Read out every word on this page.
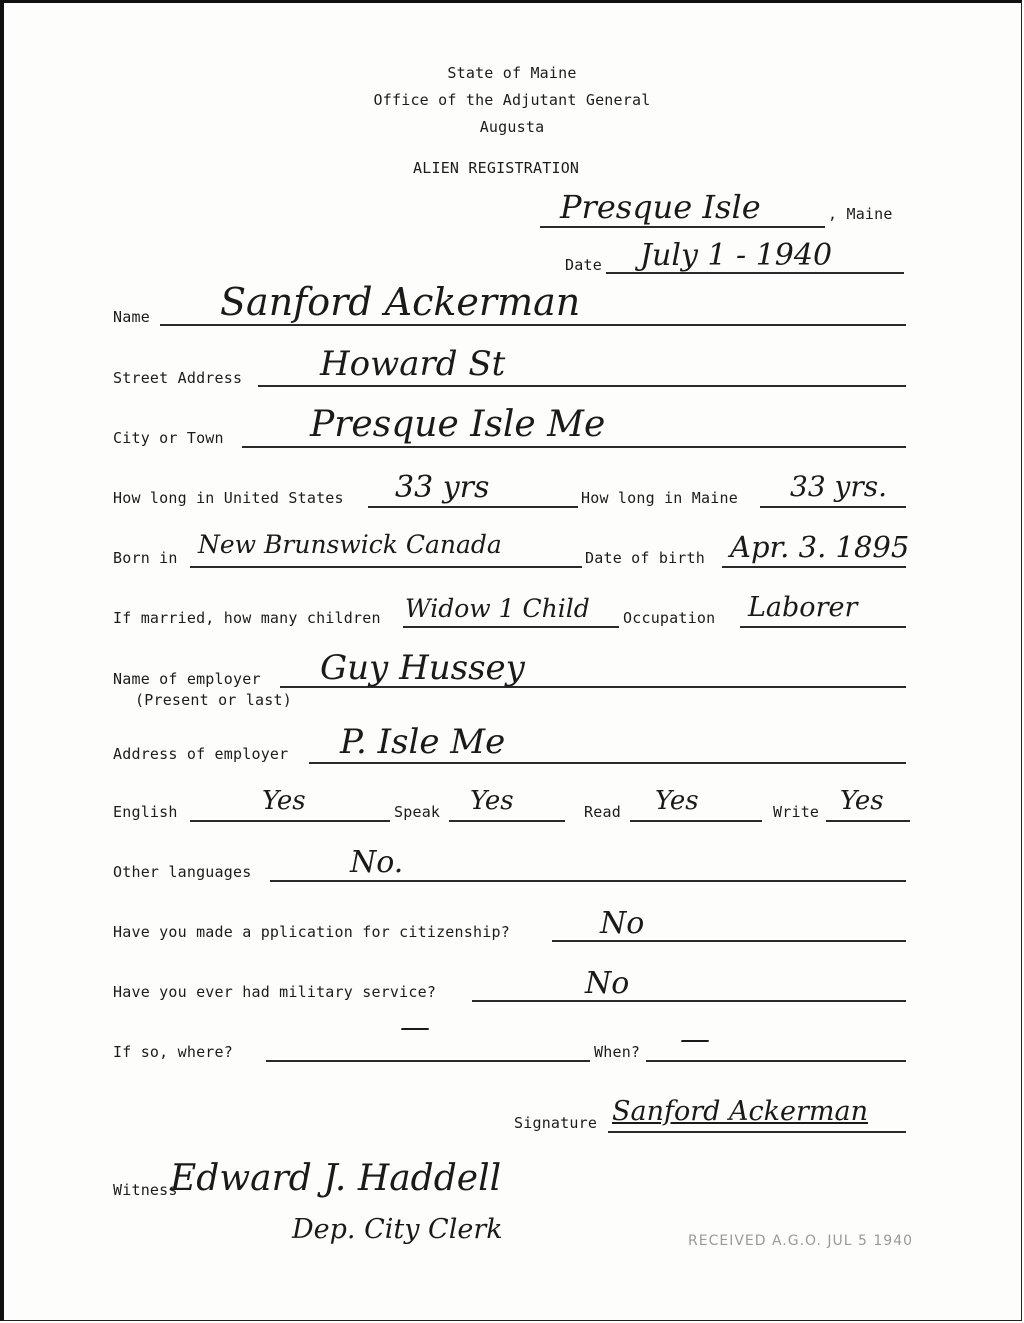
State of Maine
Office of the Adjutant General
Augusta
ALIEN REGISTRATION
Presque Isle	, Maine
Date July 1 - 1940
Name Sanford Ackerman
Street Address Howard St
City or Town Presque Isle Me
How long in United States 33 yrs	How long in Maine 33 yrs.
Born in New Brunswick Canada	Date of birth Apr. 3. 1895
If married, how many children Widow 1 Child Occupation Laborer
Name of employer
(Present or last)
Guy Hussey
Address of employer P. Isle Me
English	Yes	Speak Yes	Read Yes	Write Yes
Other languages	No.
Have you made a pplication for citizenship?	No
Have you ever had military service?	No
If so, where?
—
When? —
Signature Sanford Ackerman
Witness
Edward J. Haddell
Dep. City Clerk	RECEIVED A.G.O. JUL 5 1940
